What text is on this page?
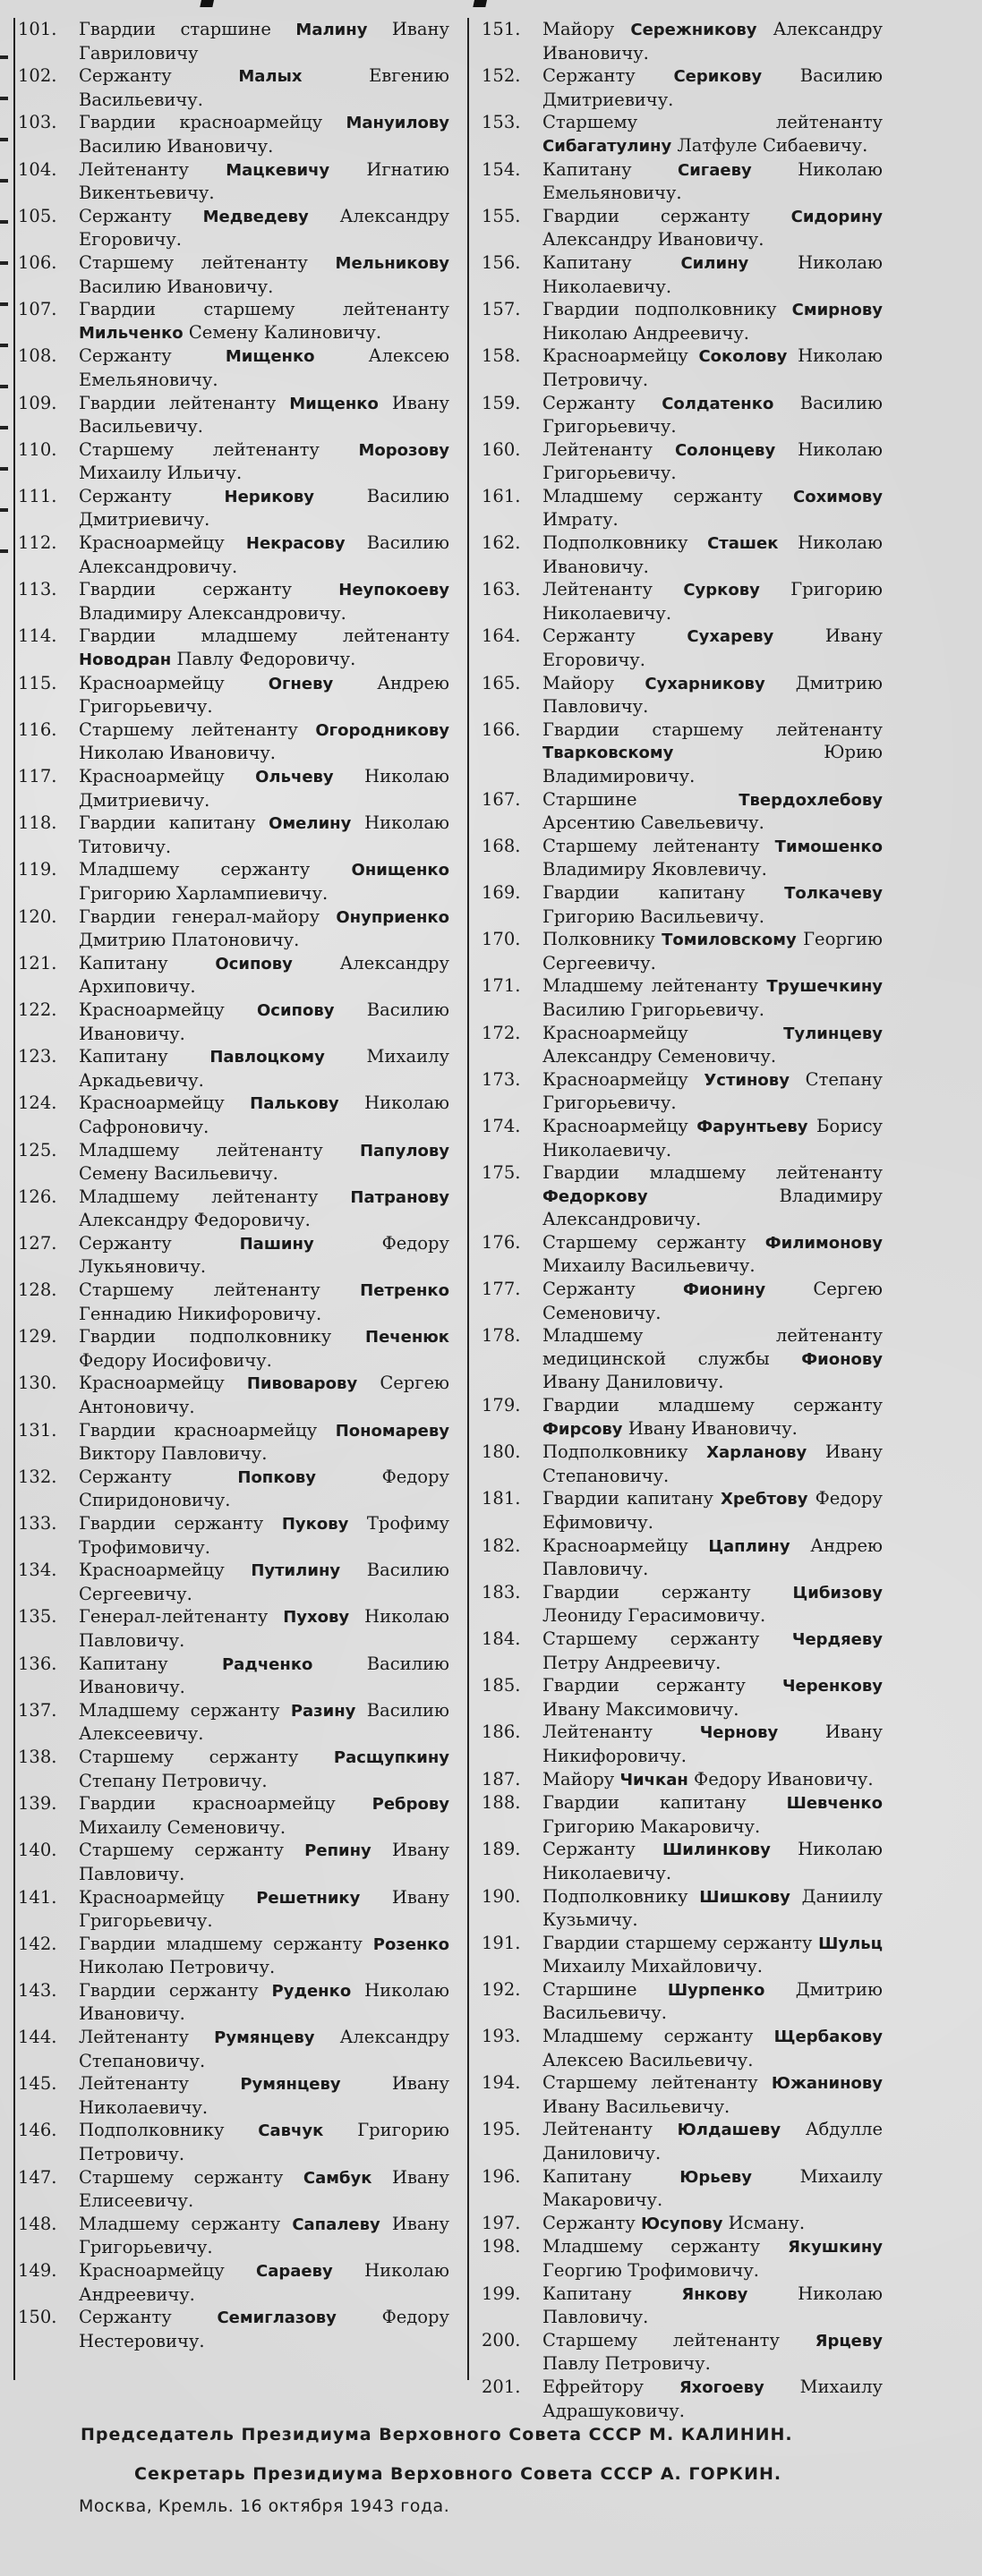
101.	Гвардии старшине Малину Ивану Гавриловичу
102.	Сержанту	Малых	Евгению Васильевичу.
103.	Гвардии красноармейцу Мануилову Василию Ивановичу.
104.	Лейтенанту Мацкевичу Игнатию Викентьевичу.
105.	Сержанту Медведеву Александру Егоровичу.
106.	Старшему лейтенанту Мельникову Василию Ивановичу.
107.	Гвардии старшему лейтенанту Мильченко Семену Калиновичу.
108.	Сержанту	Мищенко	Алексею Емельяновичу.
109.	Гвардии лейтенанту Мищенко Ивану Васильевичу.
110.	Старшему лейтенанту Морозову Михаилу Ильичу.
111.	Сержанту	Нерикову	Василию Дмитриевичу.
112.	Красноармейцу Некрасову Василию Александровичу.
113.	Гвардии сержанту	Неупокоеву Владимиру Александровичу.
114.	Гвардии младшему лейтенанту Новодран Павлу Федоровичу.
115.	Красноармейцу	Огневу	Андрею Григорьевичу.
116.	Старшему лейтенанту Огородникову Николаю Ивановичу.
117.	Красноармейцу Ольчеву Николаю Дмитриевичу.
118.	Гвардии капитану Омелину Николаю Титовичу.
119.	Младшему сержанту	Онищенко Григорию Харлампиевичу.
120.	Гвардии генерал-майору Онуприенко Дмитрию Платоновичу.
121.	Капитану	Осипову	Александру Архиповичу.
122.	Красноармейцу Осипову Василию Ивановичу.
123.	Капитану	Павлоцкому Михаилу Аркадьевичу.
124.	Красноармейцу Палькову Николаю Сафроновичу.
125.	Младшему лейтенанту Папулову Семену Васильевичу.
126.	Младшему лейтенанту Патранову Александру Федоровичу.
127.	Сержанту	Пашину	Федору Лукьяновичу.
128.	Старшему лейтенанту Петренко Геннадию Никифоровичу.
129.	Гвардии подполковнику Печенюк Федору Иосифовичу.
130.	Красноармейцу Пивоварову Сергею Антоновичу.
131.	Гвардии красноармейцу Пономареву Виктору Павловичу.
132.	Сержанту	Попкову	Федору Спиридоновичу.
133.	Гвардии сержанту Пукову Трофиму Трофимовичу.
134.	Красноармейцу Путилину Василию Сергеевичу.
135.	Генерал-лейтенанту Пухову Николаю Павловичу.
136.	Капитану	Радченко	Василию Ивановичу.
137.	Младшему сержанту Разину Василию Алексеевичу.
138.	Старшему сержанту Расщупкину Степану Петровичу.
139.	Гвардии красноармейцу Реброву Михаилу Семеновичу.
140.	Старшему сержанту Репину Ивану Павловичу.
141.	Красноармейцу Решетнику Ивану Григорьевичу.
142.	Гвардии младшему сержанту Розенко Николаю Петровичу.
143.	Гвардии сержанту Руденко Николаю Ивановичу.
144.	Лейтенанту Румянцеву Александру Степановичу.
145.	Лейтенанту	Румянцеву	Ивану Николаевичу.
146.	Подполковнику Савчук Григорию Петровичу.
147.	Старшему сержанту Самбук Ивану Елисеевичу.
148.	Младшему сержанту Сапалеву Ивану Григорьевичу.
149.	Красноармейцу Сараеву Николаю Андреевичу.
150.	Сержанту	Семиглазову	Федору Нестеровичу.
151.	Майору Сережникову Александру Ивановичу.
152.	Сержанту Серикову Василию Дмитриевичу.
153.	Старшему лейтенанту Сибагатулину Латфуле Сибаевичу.
154.	Капитану	Сигаеву	Николаю Емельяновичу.
155.	Гвардии сержанту	Сидорину Александру Ивановичу.
156.	Капитану	Силину	Николаю Николаевичу.
157.	Гвардии подполковнику Смирнову Николаю Андреевичу.
158.	Красноармейцу Соколову Николаю Петровичу.
159.	Сержанту Солдатенко Василию Григорьевичу.
160.	Лейтенанту Солонцеву Николаю Григорьевичу.
161.	Младшему сержанту Сохимову Имрату.
162.	Подполковнику Сташек Николаю Ивановичу.
163.	Лейтенанту Суркову Григорию Николаевичу.
164.	Сержанту	Сухареву	Ивану Егоровичу.
165.	Майору Сухарникову Дмитрию Павловичу.
166.	Гвардии старшему лейтенанту Тварковскому	Юрию Владимировичу.
167.	Старшине	Твердохлебову Арсентию Савельевичу.
168.	Старшему лейтенанту Тимошенко Владимиру Яковлевичу.
169.	Гвардии капитану Толкачеву Григорию Васильевичу.
170.	Полковнику Томиловскому Георгию Сергеевичу.
171.	Младшему лейтенанту Трушечкину Василию Григорьевичу.
172.	Красноармейцу	Тулинцеву Александру Семеновичу.
173.	Красноармейцу Устинову Степану Григорьевичу.
174.	Красноармейцу Фарунтьеву Борису Николаевичу.
175.	Гвардии младшему лейтенанту Федоркову	Владимиру Александровичу.
176.	Старшему сержанту Филимонову Михаилу Васильевичу.
177.	Сержанту	Фионину	Сергею Семеновичу.
178.	Младшему лейтенанту медицинской службы Фионову Ивану Даниловичу.
179.	Гвардии младшему сержанту Фирсову Ивану Ивановичу.
180.	Подполковнику Харланову Ивану Степановичу.
181.	Гвардии капитану Хребтову Федору Ефимовичу.
182.	Красноармейцу Цаплину Андрею Павловичу.
183.	Гвардии сержанту	Цибизову Леониду Герасимовичу.
184.	Старшему сержанту Чердяеву Петру Андреевичу.
185.	Гвардии сержанту Черенкову Ивану Максимовичу.
186.	Лейтенанту	Чернову	Ивану Никифоровичу.
187.	Майору Чичкан Федору Ивановичу.
188.	Гвардии капитану Шевченко Григорию Макаровичу.
189.	Сержанту Шилинкову Николаю Николаевичу.
190.	Подполковнику Шишкову Даниилу Кузьмичу.
191.	Гвардии старшему сержанту Шульц Михаилу Михайловичу.
192.	Старшине Шурпенко Дмитрию Васильевичу.
193.	Младшему сержанту Щербакову Алексею Васильевичу.
194.	Старшему лейтенанту Южанинову Ивану Васильевичу.
195.	Лейтенанту Юлдашеву Абдулле Даниловичу.
196.	Капитану	Юрьеву	Михаилу Макаровичу.
197.	Сержанту Юсупову Исману.
198.	Младшему сержанту Якушкину Георгию Трофимовичу.
199.	Капитану	Янкову	Николаю Павловичу.
200.	Старшему лейтенанту Ярцеву Павлу Петровичу.
201.	Ефрейтору Яхогоеву Михаилу Адрашуковичу.
Председатель Президиума Верховного Совета СССР М. КАЛИНИН.
Секретарь Президиума Верховного Совета СССР А. ГОРКИН.
Москва, Кремль. 16 октября 1943 года.
